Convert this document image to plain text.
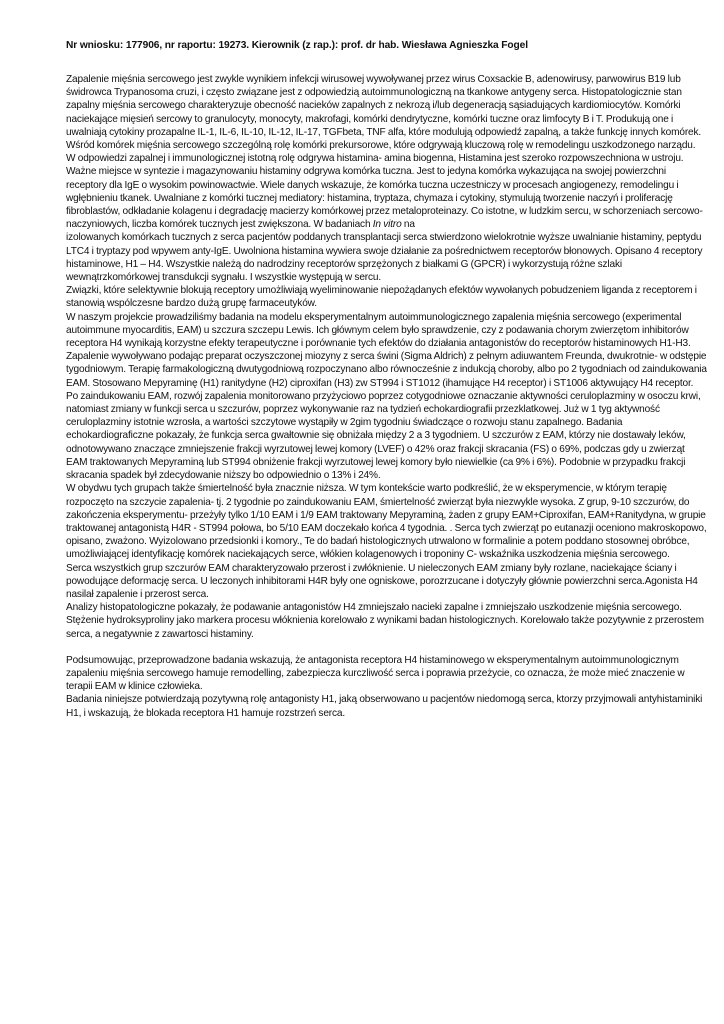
Nr wniosku: 177906, nr raportu: 19273. Kierownik (z rap.): prof. dr hab. Wiesława Agnieszka Fogel

Zapalenie mięśnia sercowego jest zwykle wynikiem infekcji wirusowej wywoływanej przez wirus Coxsackie B, adenowirusy, parwowirus B19 lub świdrowca Trypanosoma cruzi, i często związane jest z odpowiedzią autoimmunologiczną na tkankowe antygeny serca. Histopatologicznie stan zapalny mięśnia sercowego charakteryzuje obecność nacieków zapalnych z nekrozą i/lub degeneracją sąsiadujących kardiomiocytów. Komórki naciekające mięsień sercowy to granulocyty, monocyty, makrofagi, komórki dendrytyczne, komórki tuczne oraz limfocyty B i T. Produkują one i uwalniają cytokiny prozapalne IL-1, IL-6, IL-10, IL-12, IL-17, TGFbeta, TNF alfa, które modulują odpowiedź zapalną, a także funkcję innych komórek. Wśród komórek mięśnia sercowego szczególną rolę komórki prekursorowe, które odgrywają kluczową rolę w remodelingu uszkodzonego narządu.

W odpowiedzi zapalnej i immunologicznej istotną rolę odgrywa histamina- amina biogenna, Histamina jest szeroko rozpowszechniona w ustroju. Ważne miejsce w syntezie i magazynowaniu histaminy odgrywa komórka tuczna. Jest to jedyna komórka wykazująca na swojej powierzchni receptory dla IgE o wysokim powinowactwie. Wiele danych wskazuje, że komórka tuczna uczestniczy w procesach angiogenezy, remodelingu i wgłębnieniu tkanek. Uwalniane z komórki tucznej mediatory: histamina, tryptaza, chymaza i cytokiny, stymulują tworzenie naczyń i proliferację fibroblastów, odkładanie kolagenu i degradację macierzy komórkowej przez metaloproteinazy. Co istotne, w ludzkim sercu, w schorzeniach sercowo-naczyniowych, liczba komórek tucznych jest zwiększona. W badaniach In vitro na

izolowanych komórkach tucznych z serca pacjentów poddanych transplantacji serca stwierdzono wielokrotnie wyższe uwalnianie histaminy, peptydu LTC4 i tryptazy pod wpywem anty-IgE. Uwolniona histamina wywiera swoje działanie za pośrednictwem receptorów błonowych. Opisano 4 receptory histaminowe, H1 – H4. Wszystkie należą do nadrodziny receptorów sprzężonych z białkami G (GPCR) i wykorzystują różne szlaki wewnątrzkomórkowej transdukcji sygnału. I wszystkie występują w sercu.

Związki, które selektywnie blokują receptory umożliwiają wyeliminowanie niepożądanych efektów wywołanych pobudzeniem liganda z receptorem i stanowią wspólczesne bardzo dużą grupę farmaceutyków.

W naszym projekcie prowadziliśmy badania na modelu eksperymentalnym autoimmunologicznego zapalenia mięśnia sercowego (experimental autoimmune myocarditis, EAM) u szczura szczepu Lewis. Ich głównym celem było sprawdzenie, czy z podawania chorym zwierzętom inhibitorów receptora H4 wynikają korzystne efekty terapeutyczne i porównanie tych efektów do działania antagonistów do receptorów histaminowych H1-H3.

Zapalenie wywoływano podając preparat oczyszczonej miozyny z serca świni (Sigma Aldrich) z pełnym adiuwantem Freunda, dwukrotnie- w odstępie tygodniowym. Terapię farmakologiczną dwutygodniową rozpoczynano albo równocześnie z indukcją choroby, albo po 2 tygodniach od zaindukowania EAM. Stosowano Mepyraminę (H1) ranitydyne (H2) ciproxifan (H3) zw ST994 i ST1012 (ihamujące H4 receptor) i ST1006 aktywujący H4 receptor.

Po zaindukowaniu EAM, rozwój zapalenia monitorowano przyżyciowo poprzez cotygodniowe oznaczanie aktywności ceruloplazminy w osoczu krwi, natomiast zmiany w funkcji serca u szczurów, poprzez wykonywanie raz na tydzień echokardiografii przezklatkowej. Już w 1 tyg aktywność ceruloplazminy istotnie wzrosła, a wartości szczytowe wystąpiły w 2gim tygodniu świadczące o rozwoju stanu zapalnego. Badania echokardiograficzne pokazały, że funkcja serca gwałtownie się obniżała między 2 a 3 tygodniem. U szczurów z EAM, którzy nie dostawały leków, odnotowywano znaczące zmniejszenie frakcji wyrzutowej lewej komory (LVEF) o 42% oraz frakcji skracania (FS) o 69%, podczas gdy u zwierząt EAM traktowanych Mepyraminą lub ST994 obniżenie frakcji wyrzutowej lewej komory było niewielkie (ca 9% i 6%). Podobnie w przypadku frakcji skracania spadek był zdecydowanie niższy bo odpowiednio o 13% i 24%.

W obydwu tych grupach także śmiertelność była znacznie niższa. W tym kontekście warto podkreślić, że w eksperymencie, w którym terapię rozpoczęto na szczycie zapalenia- tj. 2 tygodnie po zaindukowaniu EAM, śmiertelność zwierząt była niezwykle wysoka. Z grup, 9-10 szczurów, do zakończenia eksperymentu- przeżyły tylko 1/10 EAM i 1/9 EAM traktowany Mepyraminą, żaden z grupy EAM+Ciproxifan, EAM+Ranitydyna, w grupie traktowanej antagonistą H4R - ST994 połowa, bo 5/10 EAM doczekało końca 4 tygodnia. . Serca tych zwierząt po eutanazji oceniono makroskopowo, opisano, zważono. Wyizolowano przedsionki i komory., Te do badań histologicznych utrwalono w formalinie a potem poddano stosownej obróbce, umożliwiającej identyfikację komórek naciekających serce, włókien kolagenowych i troponiny C- wskaźnika uszkodzenia mięśnia sercowego.

Serca wszystkich grup szczurów EAM charakteryzowało przerost i zwłóknienie. U nieleczonych EAM zmiany były rozlane, naciekające ściany i powodujące deformację serca. U leczonych inhibitorami H4R były one ogniskowe, porozrzucane i dotyczyły głównie powierzchni serca.Agonista H4 nasilał zapalenie i przerost serca.

Analizy histopatologiczne pokazały, że podawanie antagonistów H4 zmniejszało nacieki zapalne i zmniejszało uszkodzenie mięśnia sercowego. Stężenie hydroksyproliny jako markera procesu włóknienia korelowało z wynikami badan histologicznych. Korelowało także pozytywnie z przerostem serca, a negatywnie z zawartosci histaminy.

Podsumowując, przeprowadzone badania wskazują, że antagonista receptora H4 histaminowego w eksperymentalnym autoimmunologicznym zapaleniu mięśnia sercowego hamuje remodelling, zabezpiecza kurczliwość serca i poprawia przeżycie, co oznacza, że może mieć znaczenie w terapii EAM w klinice człowieka.

Badania niniejsze potwierdzają pozytywną rolę antagonisty H1, jaką obserwowano u pacjentów niedomogą serca, ktorzy przyjmowali antyhistaminiki H1, i wskazują, że blokada receptora H1 hamuje rozstrzeń serca.
